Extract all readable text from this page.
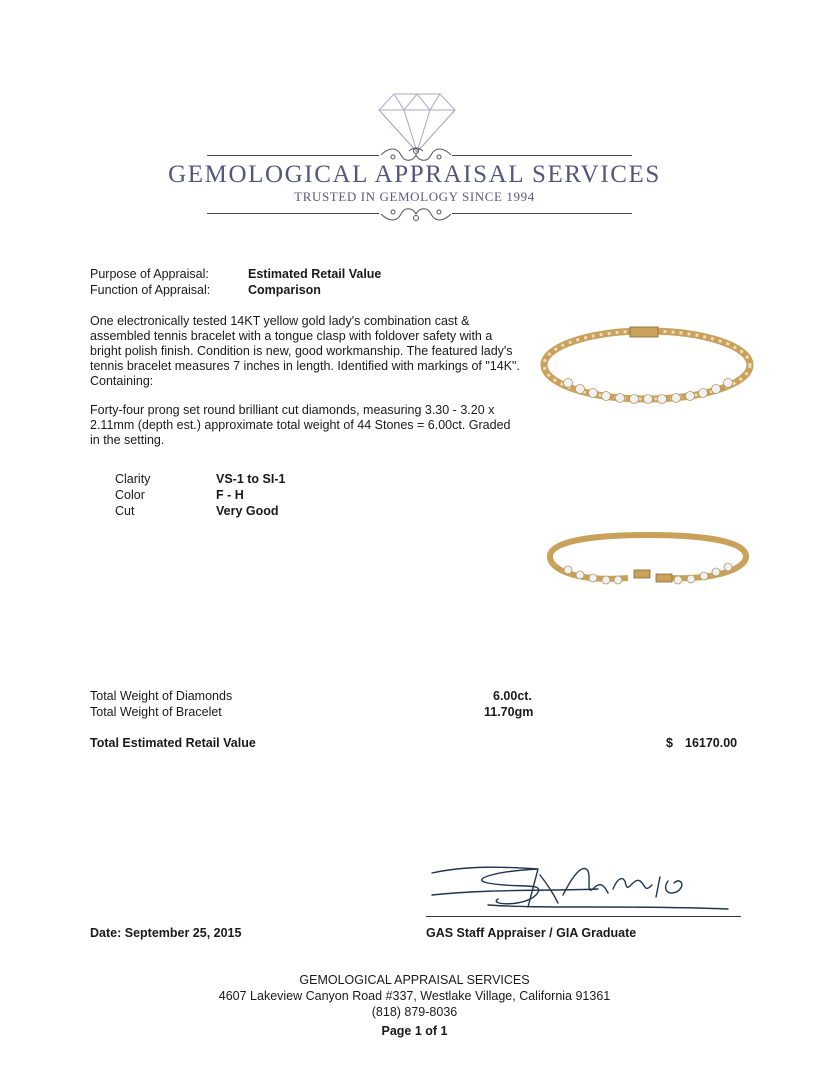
GEMOLOGICAL APPRAISAL SERVICES
TRUSTED IN GEMOLOGY SINCE 1994
Purpose of Appraisal:	Estimated Retail Value
Function of Appraisal:	Comparison

One electronically tested 14KT yellow gold lady's combination cast & assembled tennis bracelet with a tongue clasp with foldover safety with a bright polish finish. Condition is new, good workmanship. The featured lady's tennis bracelet measures 7 inches in length. Identified with markings of "14K". Containing:

Forty-four prong set round brilliant cut diamonds, measuring 3.30 - 3.20 x 2.11mm (depth est.) approximate total weight of 44 Stones = 6.00ct. Graded in the setting.

Clarity	VS-1 to SI-1
Color	F - H
Cut	Very Good
Total Weight of Diamonds	6.00ct.
Total Weight of Bracelet	11.70gm
Total Estimated Retail Value	$ 16170.00
Date: September 25, 2015	GAS Staff Appraiser / GIA Graduate
GEMOLOGICAL APPRAISAL SERVICES
4607 Lakeview Canyon Road #337, Westlake Village, California 91361
(818) 879-8036
Page 1 of 1
